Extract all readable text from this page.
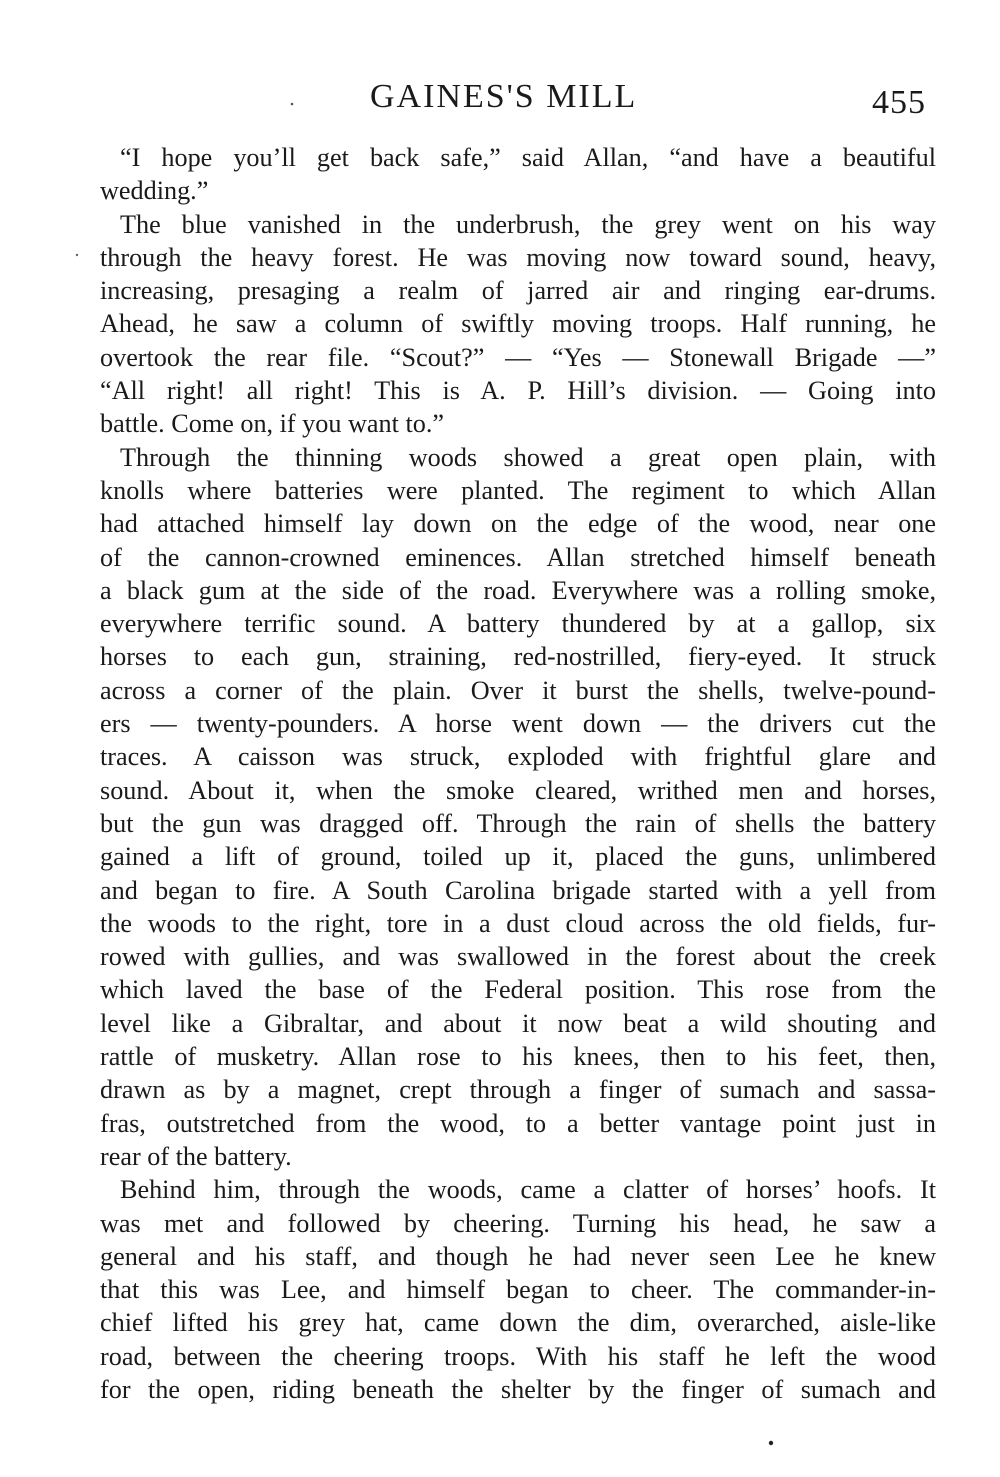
GAINES'S MILL	455
“I hope you’ll get back safe,” said Allan, “and have a beautiful
wedding.”
The blue vanished in the underbrush, the grey went on his way
through the heavy forest. He was moving now toward sound, heavy,
increasing, presaging a realm of jarred air and ringing ear-drums.
Ahead, he saw a column of swiftly moving troops. Half running, he
overtook the rear file. “Scout?” — “Yes — Stonewall Brigade —”
“All right! all right! This is A. P. Hill’s division. — Going into
battle. Come on, if you want to.”
Through the thinning woods showed a great open plain, with
knolls where batteries were planted. The regiment to which Allan
had attached himself lay down on the edge of the wood, near one
of the cannon-crowned eminences. Allan stretched himself beneath
a black gum at the side of the road. Everywhere was a rolling smoke,
everywhere terrific sound. A battery thundered by at a gallop, six
horses to each gun, straining, red-nostrilled, fiery-eyed. It struck
across a corner of the plain. Over it burst the shells, twelve-pound-
ers — twenty-pounders. A horse went down — the drivers cut the
traces. A caisson was struck, exploded with frightful glare and
sound. About it, when the smoke cleared, writhed men and horses,
but the gun was dragged off. Through the rain of shells the battery
gained a lift of ground, toiled up it, placed the guns, unlimbered
and began to fire. A South Carolina brigade started with a yell from
the woods to the right, tore in a dust cloud across the old fields, fur-
rowed with gullies, and was swallowed in the forest about the creek
which laved the base of the Federal position. This rose from the
level like a Gibraltar, and about it now beat a wild shouting and
rattle of musketry. Allan rose to his knees, then to his feet, then,
drawn as by a magnet, crept through a finger of sumach and sassa-
fras, outstretched from the wood, to a better vantage point just in
rear of the battery.
Behind him, through the woods, came a clatter of horses’ hoofs. It
was met and followed by cheering. Turning his head, he saw a
general and his staff, and though he had never seen Lee he knew
that this was Lee, and himself began to cheer. The commander-in-
chief lifted his grey hat, came down the dim, overarched, aisle-like
road, between the cheering troops. With his staff he left the wood
for the open, riding beneath the shelter by the finger of sumach and
